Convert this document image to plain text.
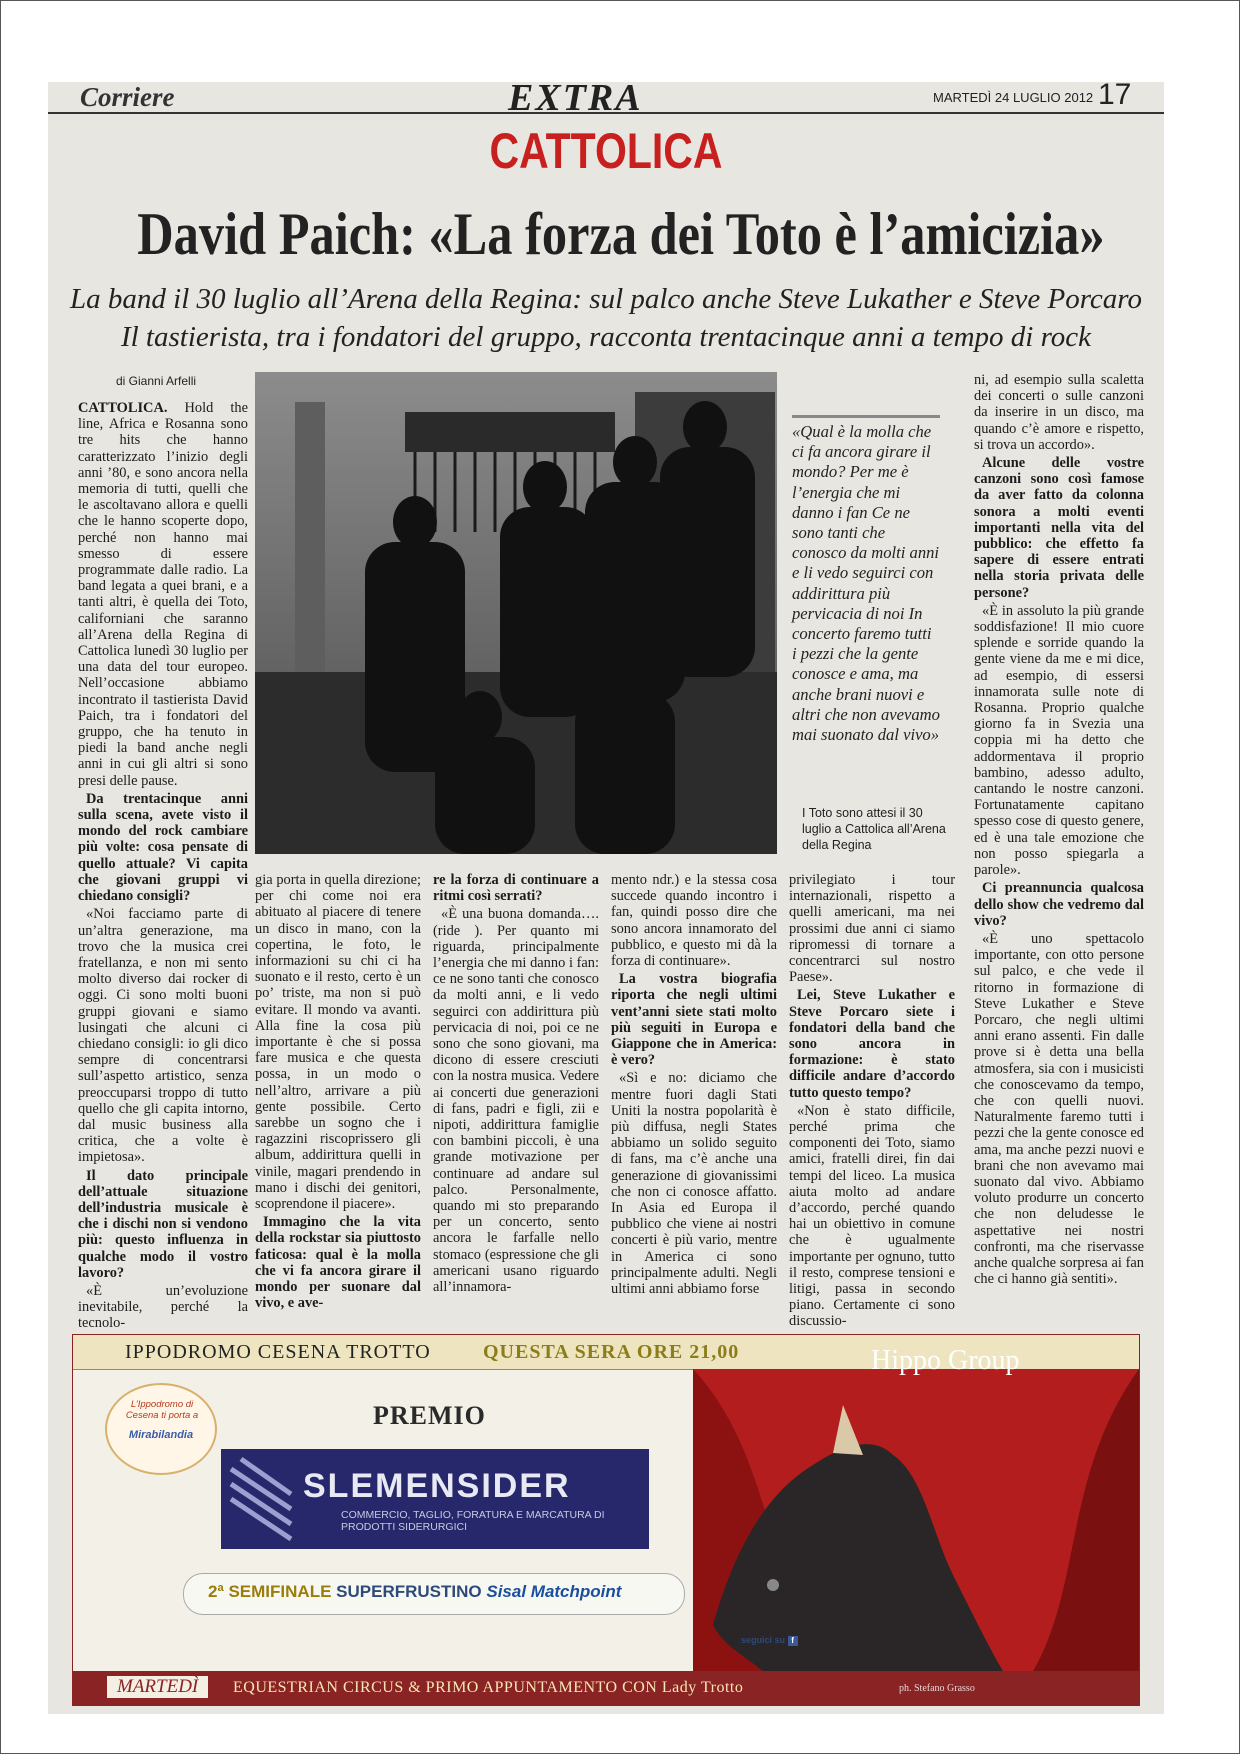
Corriere	EXTRA	MARTEDÌ 24 LUGLIO 2012 17
CATTOLICA
David Paich: «La forza dei Toto è l’amicizia»
La band il 30 luglio all’Arena della Regina: sul palco anche Steve Lukather e Steve Porcaro
Il tastierista, tra i fondatori del gruppo, racconta trentacinque anni a tempo di rock
di Gianni Arfelli

CATTOLICA. Hold the line, Africa e Rosanna sono tre hits che hanno caratterizzato l’inizio degli anni ’80, e sono ancora nella memoria di tutti, quelli che le ascoltavano allora e quelli che le hanno scoperte dopo, perché non hanno mai smesso di essere programmate dalle radio. La band legata a quei brani, e a tanti altri, è quella dei Toto, californiani che saranno all’Arena della Regina di Cattolica lunedì 30 luglio per una data del tour europeo. Nell’occasione abbiamo incontrato il tastierista David Paich, tra i fondatori del gruppo, che ha tenuto in piedi la band anche negli anni in cui gli altri si sono presi delle pause.

Da trentacinque anni sulla scena, avete visto il mondo del rock cambiare più volte: cosa pensate di quello attuale? Vi capita che giovani gruppi vi chiedano consigli?

«Noi facciamo parte di un’altra generazione, ma trovo che la musica crei fratellanza, e non mi sento molto diverso dai rocker di oggi. Ci sono molti buoni gruppi giovani e siamo lusingati che alcuni ci chiedano consigli: io gli dico sempre di concentrarsi sull’aspetto artistico, senza preoccuparsi troppo di tutto quello che gli capita intorno, dal music business alla critica, che a volte è impietosa».

Il dato principale dell’attuale situazione dell’industria musicale è che i dischi non si vendono più: questo influenza in qualche modo il vostro lavoro?

«È un’evoluzione inevitabile, perché la tecnolo-

«Qual è la molla che ci fa ancora girare il mondo? Per me è l’energia che mi danno i fan Ce ne sono tanti che conosco da molti anni e li vedo seguirci con addirittura più pervicacia di noi In concerto faremo tutti i pezzi che la gente conosce e ama, ma anche brani nuovi e altri che non avevamo mai suonato dal vivo»
I Toto sono attesi il 30 luglio a Cattolica all’Arena della Regina

ni, ad esempio sulla scaletta dei concerti o sulle canzoni da inserire in un disco, ma quando c’è amore e rispetto, si trova un accordo».

Alcune delle vostre canzoni sono così famose da aver fatto da colonna sonora a molti eventi importanti nella vita del pubblico: che effetto fa sapere di essere entrati nella storia privata delle persone?

«È in assoluto la più grande soddisfazione! Il mio cuore splende e sorride quando la gente viene da me e mi dice, ad esempio, di essersi innamorata sulle note di Rosanna. Proprio qualche giorno fa in Svezia una coppia mi ha detto che addormentava il proprio bambino, adesso adulto, cantando le nostre canzoni. Fortunatamente capitano spesso cose di questo genere, ed è una tale emozione che non posso spiegarla a parole».

Ci preannuncia qualcosa dello show che vedremo dal vivo?

«È uno spettacolo importante, con otto persone sul palco, e che vede il ritorno in formazione di Steve Lukather e Steve Porcaro, che negli ultimi anni erano assenti. Fin dalle prove si è detta una bella atmosfera, sia con i musicisti che conoscevamo da tempo, che con quelli nuovi. Naturalmente faremo tutti i pezzi che la gente conosce ed ama, ma anche pezzi nuovi e brani che non avevamo mai suonato dal vivo. Abbiamo voluto produrre un concerto che non deludesse le aspettative nei nostri confronti, ma che riservasse anche qualche sorpresa ai fan che ci hanno già sentiti».

gia porta in quella direzione; per chi come noi era abituato al piacere di tenere un disco in mano, con la copertina, le foto, le informazioni su chi ci ha suonato e il resto, certo è un po’ triste, ma non si può evitare. Il mondo va avanti. Alla fine la cosa più importante è che si possa fare musica e che questa possa, in un modo o nell’altro, arrivare a più gente possibile. Certo sarebbe un sogno che i ragazzini riscoprissero gli album, addirittura quelli in vinile, magari prendendo in mano i dischi dei genitori, scoprendone il piacere».

Immagino che la vita della rockstar sia piuttosto faticosa: qual è la molla che vi fa ancora girare il mondo per suonare dal vivo, e ave-

re la forza di continuare a ritmi così serrati?

«È una buona domanda…. (ride ). Per quanto mi riguarda, principalmente l’energia che mi danno i fan: ce ne sono tanti che conosco da molti anni, e li vedo seguirci con addirittura più pervicacia di noi, poi ce ne sono che sono giovani, ma dicono di essere cresciuti con la nostra musica. Vedere ai concerti due generazioni di fans, padri e figli, zii e nipoti, addirittura famiglie con bambini piccoli, è una grande motivazione per continuare ad andare sul palco. Personalmente, quando mi sto preparando per un concerto, sento ancora le farfalle nello stomaco (espressione che gli americani usano riguardo all’innamora-

mento ndr.) e la stessa cosa succede quando incontro i fan, quindi posso dire che sono ancora innamorato del pubblico, e questo mi dà la forza di continuare».

La vostra biografia riporta che negli ultimi vent’anni siete stati molto più seguiti in Europa e Giappone che in America: è vero?

«Sì e no: diciamo che mentre fuori dagli Stati Uniti la nostra popolarità è più diffusa, negli States abbiamo un solido seguito di fans, ma c’è anche una generazione di giovanissimi che non ci conosce affatto. In Asia ed Europa il pubblico che viene ai nostri concerti è più vario, mentre in America ci sono principalmente adulti. Negli ultimi anni abbiamo forse

privilegiato i tour internazionali, rispetto a quelli americani, ma nei prossimi due anni ci siamo ripromessi di tornare a concentrarci sul nostro Paese».

Lei, Steve Lukather e Steve Porcaro siete i fondatori della band che sono ancora in formazione: è stato difficile andare d’accordo tutto questo tempo?

«Non è stato difficile, perché prima che componenti dei Toto, siamo amici, fratelli direi, fin dai tempi del liceo. La musica aiuta molto ad andare d’accordo, perché quando hai un obiettivo in comune che è ugualmente importante per ognuno, tutto il resto, comprese tensioni e litigi, passa in secondo piano. Certamente ci sono discussio-

IPPODROMO CESENA TROTTO	QUESTA SERA ORE 21,00	Hippo Group
L’Ippodromo di Cesena ti porta a
Mirabilandia
PREMIO
SLEMENSIDER
COMMERCIO, TAGLIO, FORATURA E MARCATURA DI PRODOTTI SIDERURGICI
2ª SEMIFINALE SUPERFRUSTINO Sisal Matchpoint
seguici su f
MARTEDÌ	EQUESTRIAN CIRCUS & PRIMO APPUNTAMENTO CON Lady Trotto	ph. Stefano Grasso
